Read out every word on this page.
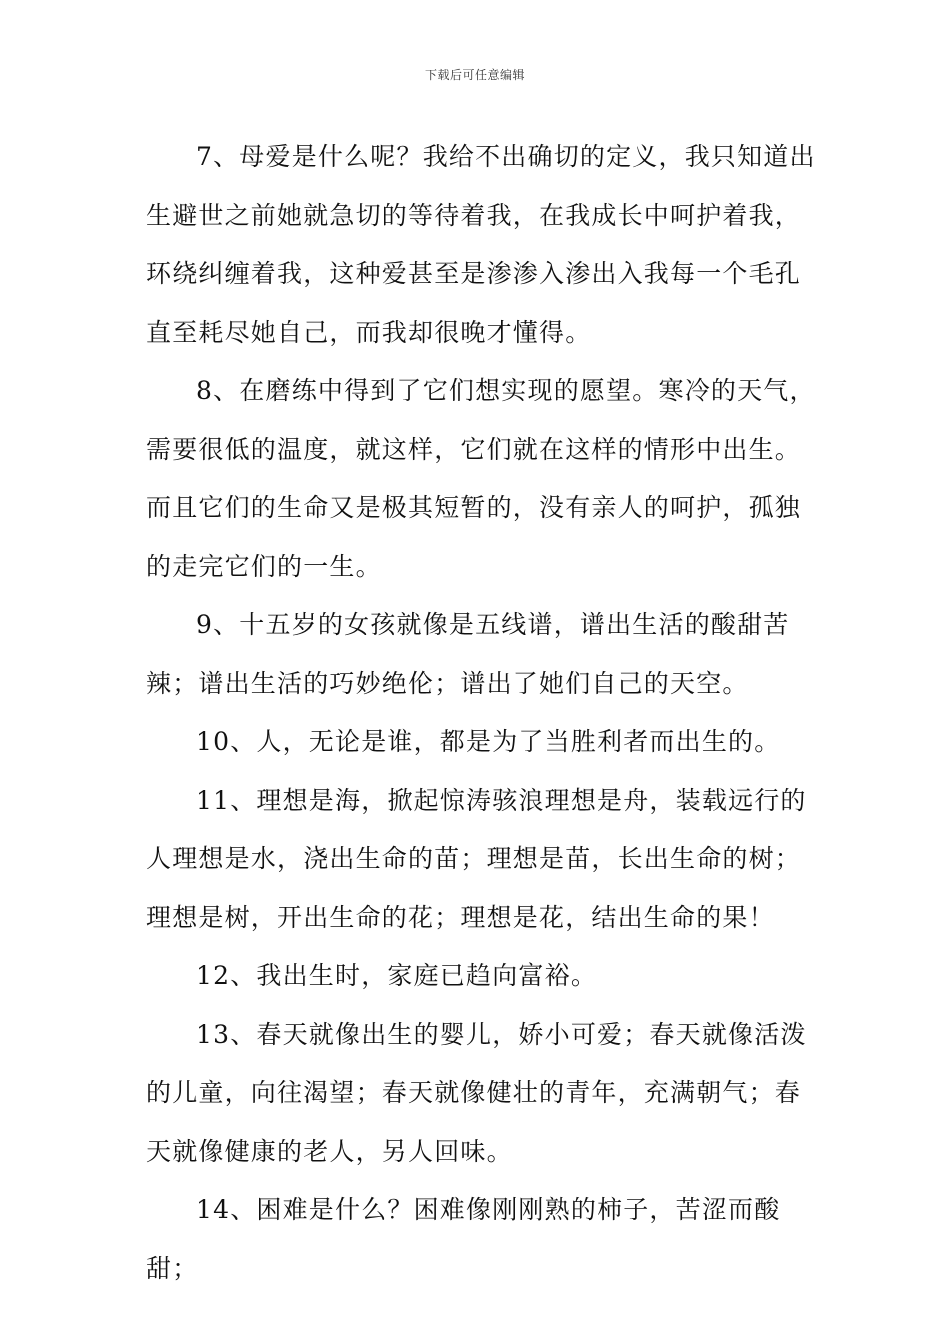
下载后可任意编辑

7、母爱是什么呢？我给不出确切的定义，我只知道出生避世之前她就急切的等待着我，在我成长中呵护着我，环绕纠缠着我，这种爱甚至是渗渗入渗出入我每一个毛孔直至耗尽她自己，而我却很晚才懂得。

8、在磨练中得到了它们想实现的愿望。寒冷的天气，需要很低的温度，就这样，它们就在这样的情形中出生。而且它们的生命又是极其短暂的，没有亲人的呵护，孤独的走完它们的一生。

9、十五岁的女孩就像是五线谱，谱出生活的酸甜苦辣；谱出生活的巧妙绝伦；谱出了她们自己的天空。

10、人，无论是谁，都是为了当胜利者而出生的。

11、理想是海，掀起惊涛骇浪理想是舟，装载远行的人理想是水，浇出生命的苗；理想是苗，长出生命的树；理想是树，开出生命的花；理想是花，结出生命的果！

12、我出生时，家庭已趋向富裕。

13、春天就像出生的婴儿，娇小可爱；春天就像活泼的儿童，向往渴望；春天就像健壮的青年，充满朝气；春天就像健康的老人，另人回味。

14、困难是什么？困难像刚刚熟的柿子，苦涩而酸甜；
